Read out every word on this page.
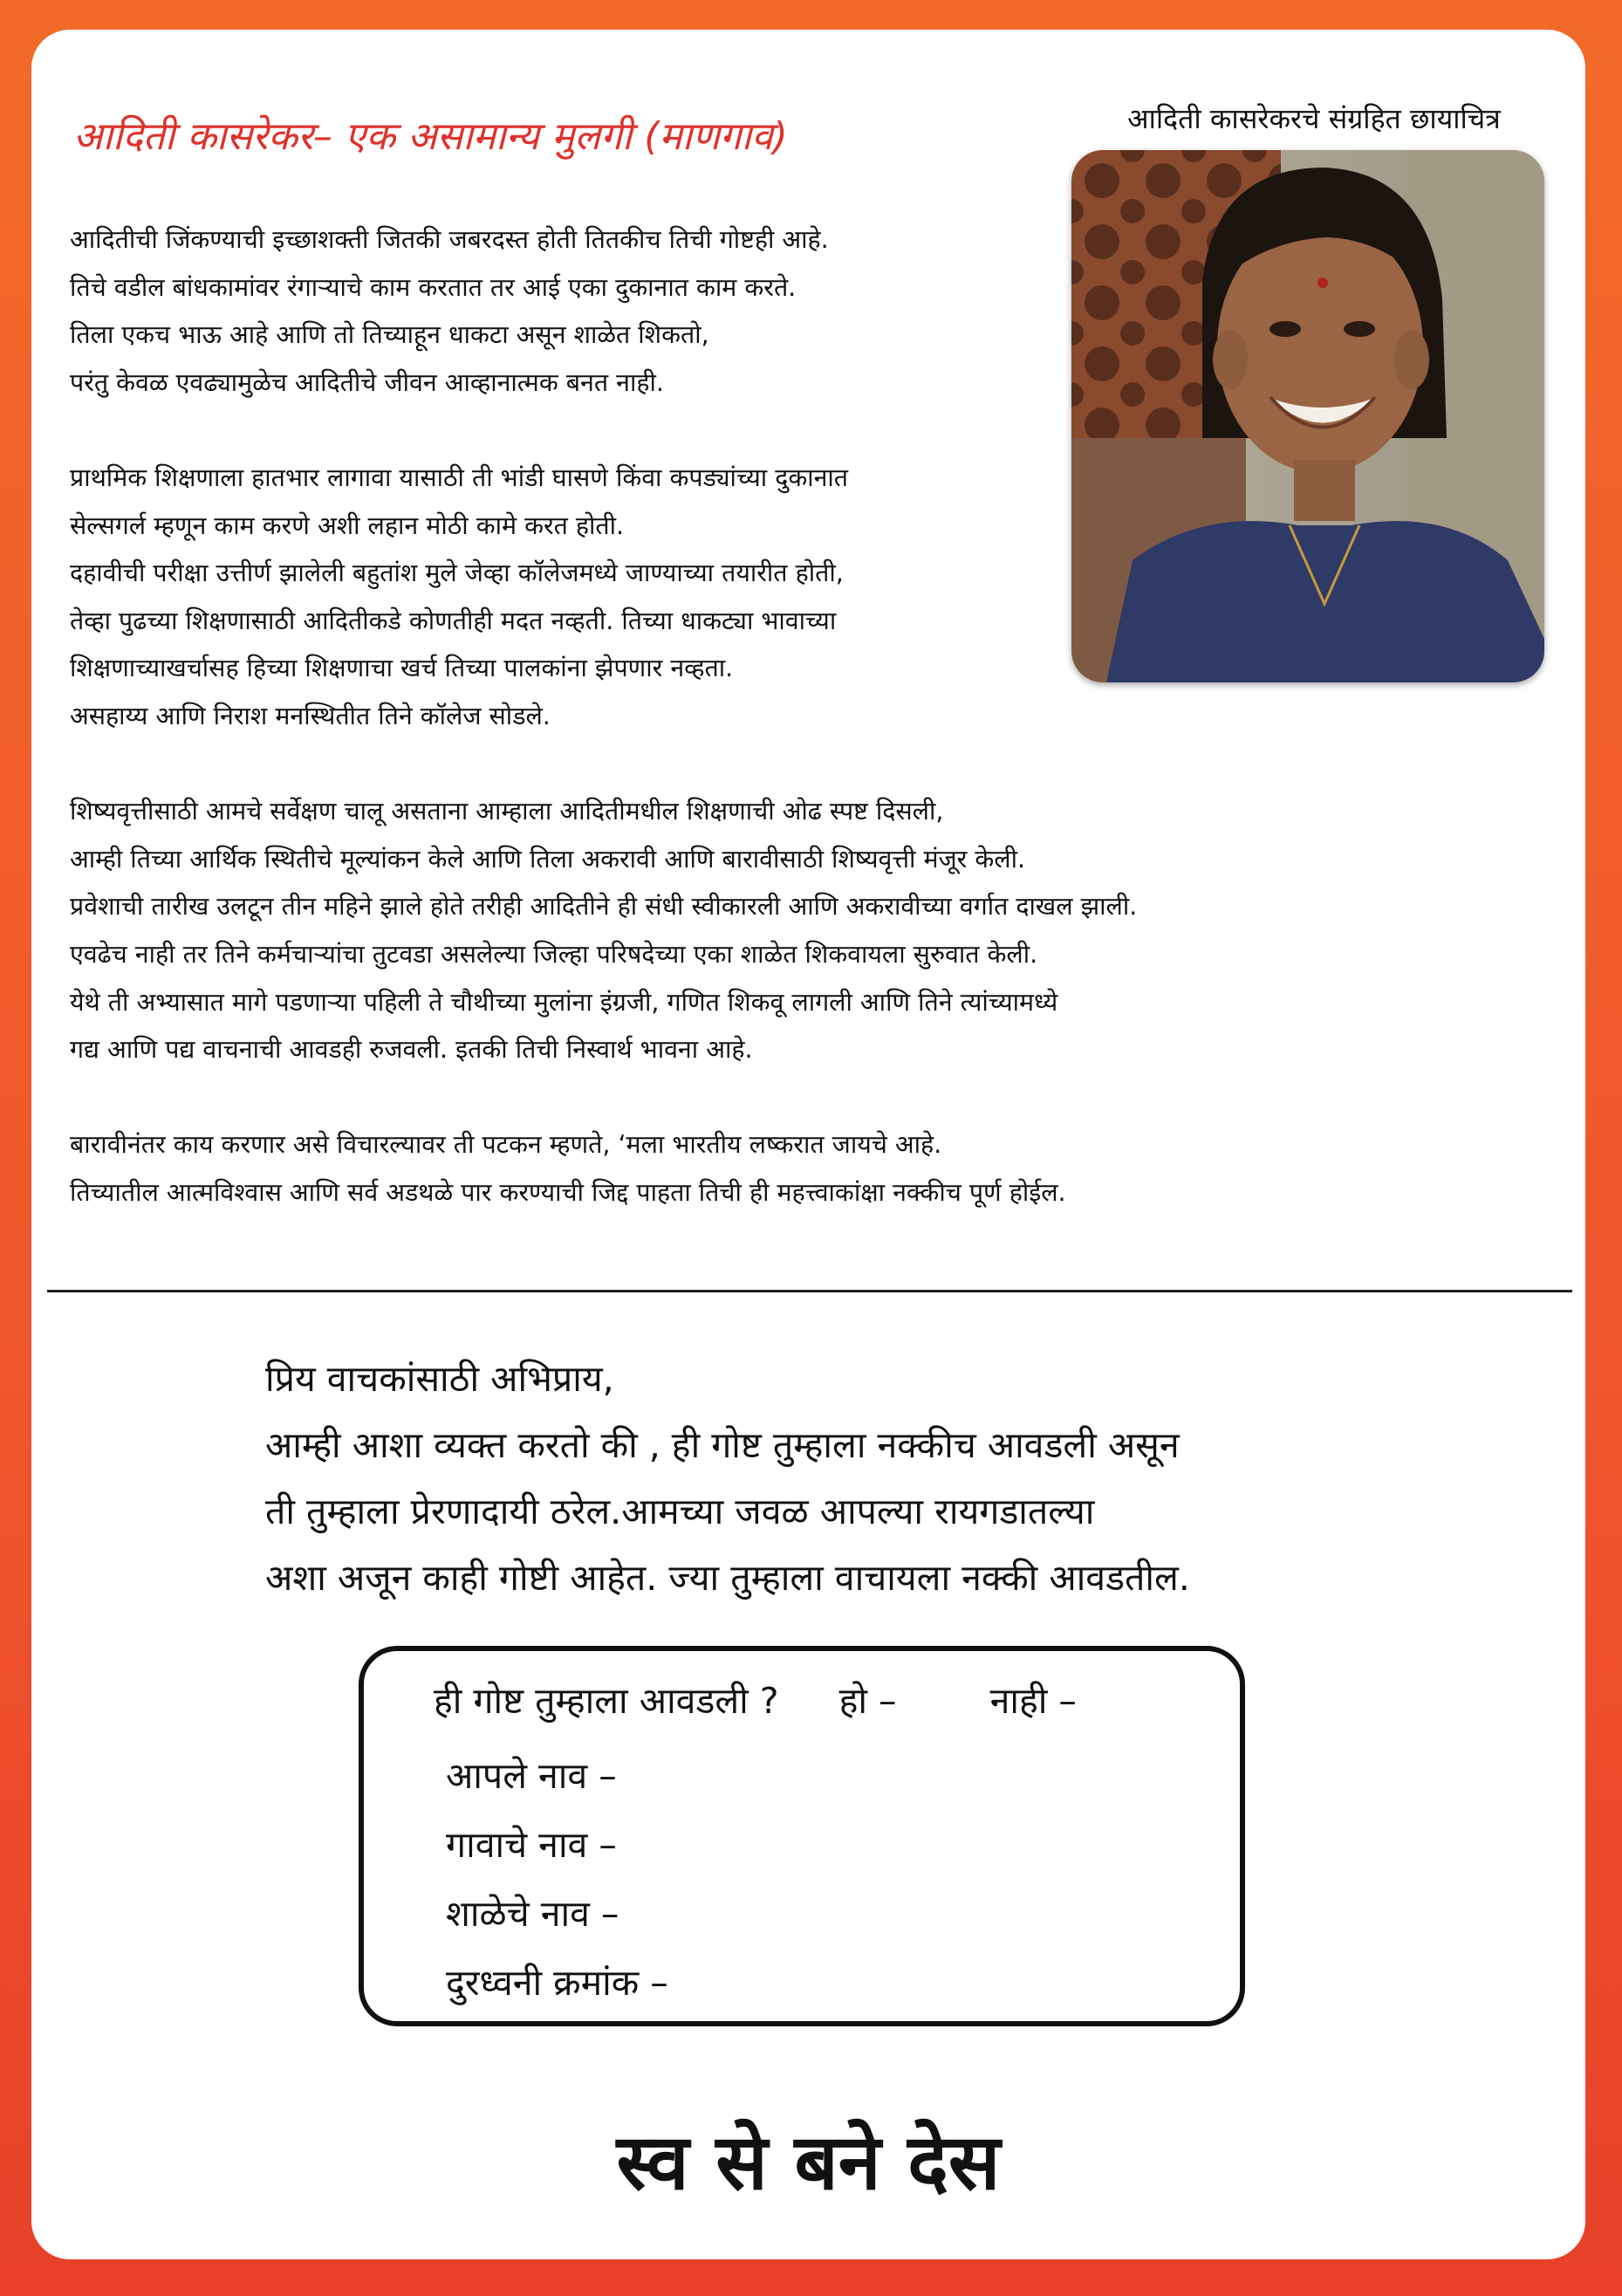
आदिती कासरेकर– एक असामान्य मुलगी (माणगाव)	आदिती कासरेकरचे संग्रहित छायाचित्र

आदितीची जिंकण्याची इच्छाशक्ती जितकी जबरदस्त होती तितकीच तिची गोष्टही आहे.
तिचे वडील बांधकामांवर रंगाऱ्याचे काम करतात तर आई एका दुकानात काम करते.
तिला एकच भाऊ आहे आणि तो तिच्याहून धाकटा असून शाळेत शिकतो,
परंतु केवळ एवढ्यामुळेच आदितीचे जीवन आव्हानात्मक बनत नाही.

प्राथमिक शिक्षणाला हातभार लागावा यासाठी ती भांडी घासणे किंवा कपड्यांच्या दुकानात
सेल्सगर्ल म्हणून काम करणे अशी लहान मोठी कामे करत होती.
दहावीची परीक्षा उत्तीर्ण झालेली बहुतांश मुले जेव्हा कॉलेजमध्ये जाण्याच्या तयारीत होती,
तेव्हा पुढच्या शिक्षणासाठी आदितीकडे कोणतीही मदत नव्हती. तिच्या धाकट्या भावाच्या
शिक्षणाच्याखर्चासह हिच्या शिक्षणाचा खर्च तिच्या पालकांना झेपणार नव्हता.
असहाय्य आणि निराश मनस्थितीत तिने कॉलेज सोडले.

शिष्यवृत्तीसाठी आमचे सर्वेक्षण चालू असताना आम्हाला आदितीमधील शिक्षणाची ओढ स्पष्ट दिसली,
आम्ही तिच्या आर्थिक स्थितीचे मूल्यांकन केले आणि तिला अकरावी आणि बारावीसाठी शिष्यवृत्ती मंजूर केली.
प्रवेशाची तारीख उलटून तीन महिने झाले होते तरीही आदितीने ही संधी स्वीकारली आणि अकरावीच्या वर्गात दाखल झाली.
एवढेच नाही तर तिने कर्मचाऱ्यांचा तुटवडा असलेल्या जिल्हा परिषदेच्या एका शाळेत शिकवायला सुरुवात केली.
येथे ती अभ्यासात मागे पडणाऱ्या पहिली ते चौथीच्या मुलांना इंग्रजी, गणित शिकवू लागली आणि तिने त्यांच्यामध्ये
गद्य आणि पद्य वाचनाची आवडही रुजवली. इतकी तिची निस्वार्थ भावना आहे.

बारावीनंतर काय करणार असे विचारल्यावर ती पटकन म्हणते, ‘मला भारतीय लष्करात जायचे आहे.
तिच्यातील आत्मविश्वास आणि सर्व अडथळे पार करण्याची जिद्द पाहता तिची ही महत्त्वाकांक्षा नक्कीच पूर्ण होईल.

प्रिय वाचकांसाठी अभिप्राय,
आम्ही आशा व्यक्त करतो की , ही गोष्ट तुम्हाला नक्कीच आवडली असून
ती तुम्हाला प्रेरणादायी ठरेल.आमच्या जवळ आपल्या रायगडातल्या
अशा अजून काही गोष्टी आहेत. ज्या तुम्हाला वाचायला नक्की आवडतील.
ही गोष्ट तुम्हाला आवडली ? हो –	नाही –
आपले नाव –
गावाचे नाव –
शाळेचे नाव –
दुरध्वनी क्रमांक –
स्व से बने देस
